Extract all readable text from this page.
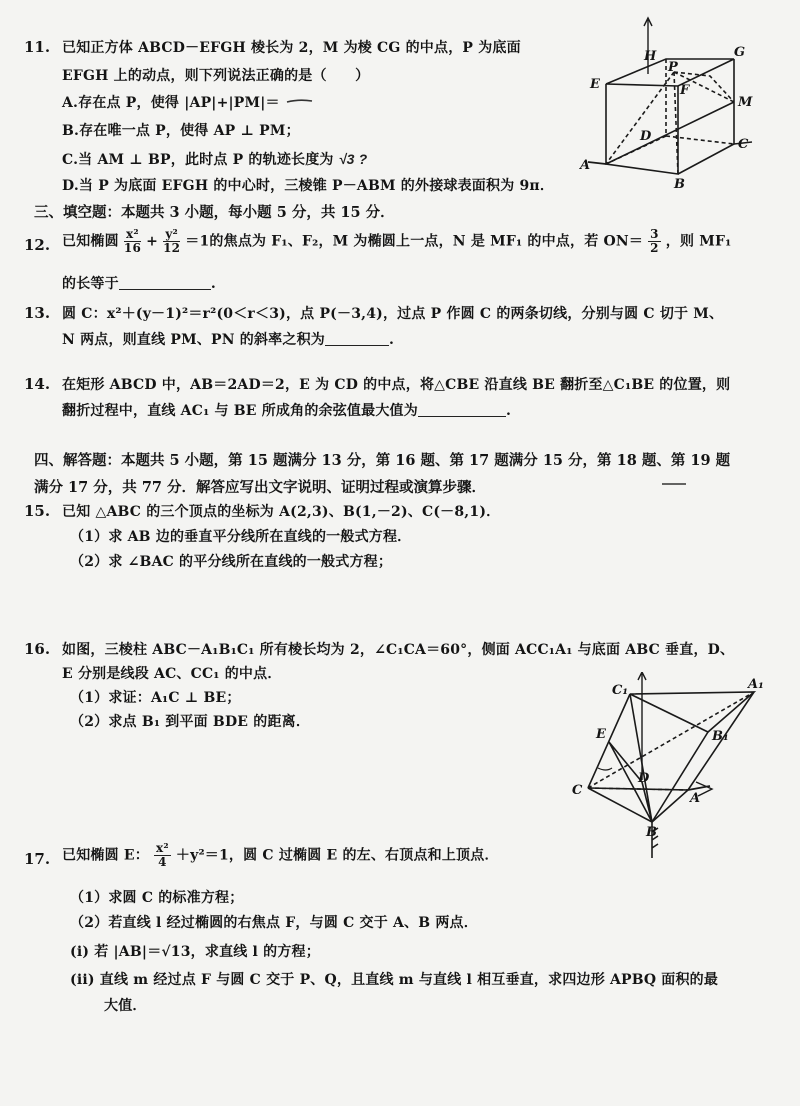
11. 已知正方体 ABCD－EFGH 棱长为 2，M 为棱 CG 的中点，P 为底面
EFGH 上的动点，则下列说法正确的是（　　）
A.存在点 P，使得 |AP|+|PM|＝
B.存在唯一点 P，使得 AP ⊥ PM；
C.当 AM ⊥ BP，此时点 P 的轨迹长度为 √3 ?
D.当 P 为底面 EFGH 的中心时，三棱锥 P－ABM 的外接球表面积为 9π．
H
P
G
E	F
M
D
C
A
B
三、填空题：本题共 3 小题，每小题 5 分，共 15 分．
12. 已知椭圆 $\frac{\text{x²}}{16} + \frac{\text{y²}}{12} =1$的焦点为 F₁、F₂，M 为椭圆上一点，N 是 MF₁ 的中点，若 $ON= \frac{3}{2}$ ，则 MF₁
的长等于	.
13. 圆 C：x²＋(y－1)²＝r²(0＜r＜3)，点 P(－3,4)，过点 P 作圆 C 的两条切线，分别与圆 C 切于 M、
N 两点，则直线 PM、PN 的斜率之积为	.
14. 在矩形 ABCD 中，AB＝2AD＝2，E 为 CD 的中点，将△CBE 沿直线 BE 翻折至△C₁BE 的位置，则
翻折过程中，直线 AC₁ 与 BE 所成角的余弦值最大值为	.
四、解答题：本题共 5 小题，第 15 题满分 13 分，第 16 题、第 17 题满分 15 分，第 18 题、第 19 题
满分 17 分，共 77 分．解答应写出文字说明、证明过程或演算步骤．
15. 已知 △ABC 的三个顶点的坐标为 A(2,3)、B(1,－2)、C(－8,1)．
（1）求 AB 边的垂直平分线所在直线的一般式方程．
（2）求 ∠BAC 的平分线所在直线的一般式方程；
16. 如图，三棱柱 ABC－A₁B₁C₁ 所有棱长均为 2，∠C₁CA＝60°，侧面 ACC₁A₁ 与底面 ABC 垂直，D、
E 分别是线段 AC、CC₁ 的中点．
（1）求证：A₁C ⊥ BE；
（2）求点 B₁ 到平面 BDE 的距离．
C₁	A₁
E	B₁
C
D
A
B
17. 已知椭圆 E： $\frac{\text{x²}}{4} +y^2=1$，圆 C 过椭圆 E 的左、右顶点和上顶点．
（1）求圆 C 的标准方程；
（2）若直线 l 经过椭圆的右焦点 F，与圆 C 交于 A、B 两点．
(i) 若 |AB|＝√13，求直线 l 的方程；
(ii) 直线 m 经过点 F 与圆 C 交于 P、Q，且直线 m 与直线 l 相互垂直，求四边形 APBQ 面积的最
大值．
